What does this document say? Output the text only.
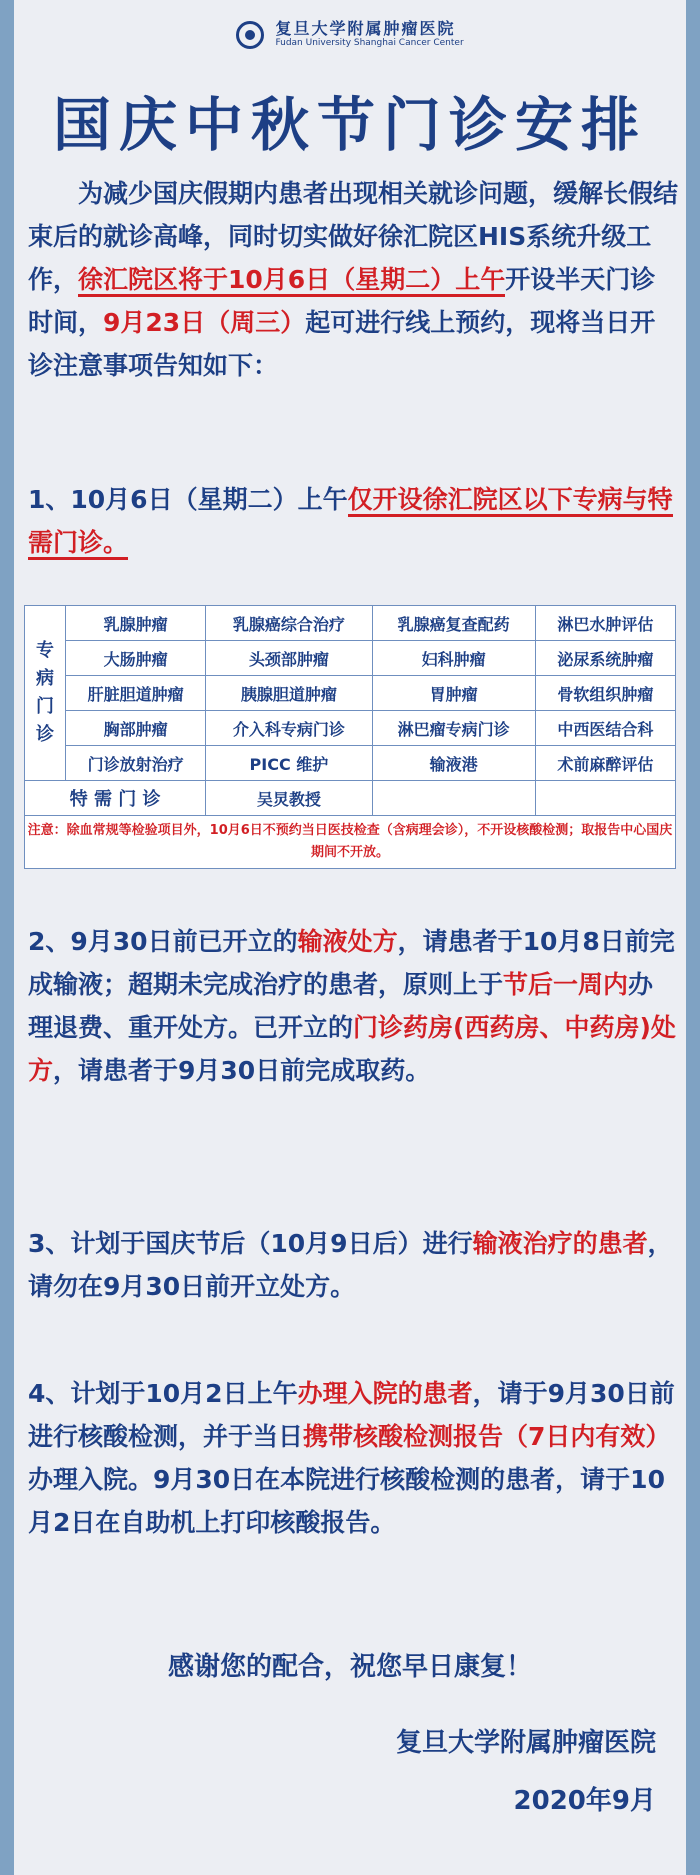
复旦大学附属肿瘤医院
Fudan University Shanghai Cancer Center
国庆中秋节门诊安排
为减少国庆假期内患者出现相关就诊问题，缓解长假结束后的就诊高峰，同时切实做好徐汇院区HIS系统升级工作，徐汇院区将于10月6日（星期二）上午开设半天门诊时间，9月23日（周三）起可进行线上预约，现将当日开诊注意事项告知如下：
1、10月6日（星期二）上午仅开设徐汇院区以下专病与特需门诊。
专病门诊	乳腺肿瘤	乳腺癌综合治疗	乳腺癌复查配药	淋巴水肿评估
	大肠肿瘤	头颈部肿瘤	妇科肿瘤	泌尿系统肿瘤
	肝脏胆道肿瘤	胰腺胆道肿瘤	胃肿瘤	骨软组织肿瘤
	胸部肿瘤	介入科专病门诊	淋巴瘤专病门诊	中西医结合科
	门诊放射治疗	PICC 维护	输液港	术前麻醉评估
特 需 门 诊		吴炅教授		
注意：除血常规等检验项目外，10月6日不预约当日医技检查（含病理会诊），不开设核酸检测；取报告中心国庆期间不开放。				
2、9月30日前已开立的输液处方，请患者于10月8日前完成输液；超期未完成治疗的患者，原则上于节后一周内办理退费、重开处方。已开立的门诊药房(西药房、中药房)处方，请患者于9月30日前完成取药。
3、计划于国庆节后（10月9日后）进行输液治疗的患者，请勿在9月30日前开立处方。
4、计划于10月2日上午办理入院的患者，请于9月30日前进行核酸检测，并于当日携带核酸检测报告（7日内有效）办理入院。9月30日在本院进行核酸检测的患者，请于10月2日在自助机上打印核酸报告。
感谢您的配合，祝您早日康复！
复旦大学附属肿瘤医院
2020年9月
